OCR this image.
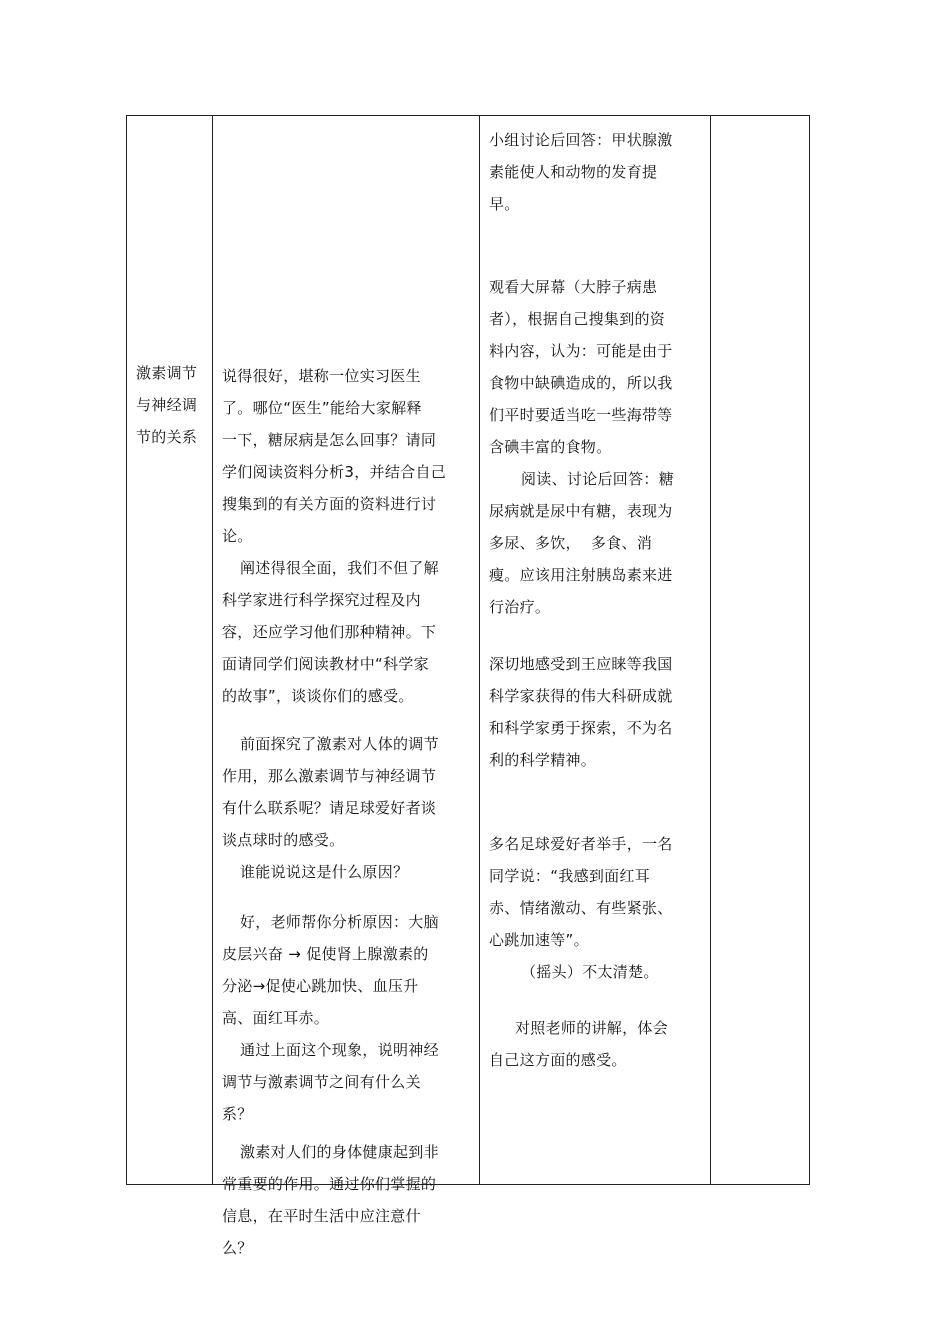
激素调节
与神经调
节的关系
说得很好，堪称一位实习医生
了。哪位“医生”能给大家解释
一下，糖尿病是怎么回事？请同
学们阅读资料分析3，并结合自己
搜集到的有关方面的资料进行讨
论。
阐述得很全面，我们不但了解
科学家进行科学探究过程及内
容，还应学习他们那种精神。下
面请同学们阅读教材中“科学家
的故事”，谈谈你们的感受。
前面探究了激素对人体的调节
作用，那么激素调节与神经调节
有什么联系呢？请足球爱好者谈
谈点球时的感受。
谁能说说这是什么原因？
好，老师帮你分析原因：大脑
皮层兴奋 → 促使肾上腺激素的
分泌→促使心跳加快、血压升
高、面红耳赤。
通过上面这个现象，说明神经
调节与激素调节之间有什么关
系？
激素对人们的身体健康起到非
常重要的作用。通过你们掌握的
信息，在平时生活中应注意什
么？
小组讨论后回答：甲状腺激
素能使人和动物的发育提
早。
观看大屏幕（大脖子病患
者），根据自己搜集到的资
料内容，认为：可能是由于
食物中缺碘造成的，所以我
们平时要适当吃一些海带等
含碘丰富的食物。
阅读、讨论后回答：糖
尿病就是尿中有糖，表现为
多尿、多饮，  多食、消
瘦。应该用注射胰岛素来进
行治疗。
深切地感受到王应睐等我国
科学家获得的伟大科研成就
和科学家勇于探索，不为名
利的科学精神。
多名足球爱好者举手，一名
同学说：“我感到面红耳
赤、情绪激动、有些紧张、
心跳加速等”。
（摇头）不太清楚。
对照老师的讲解，体会
自己这方面的感受。
